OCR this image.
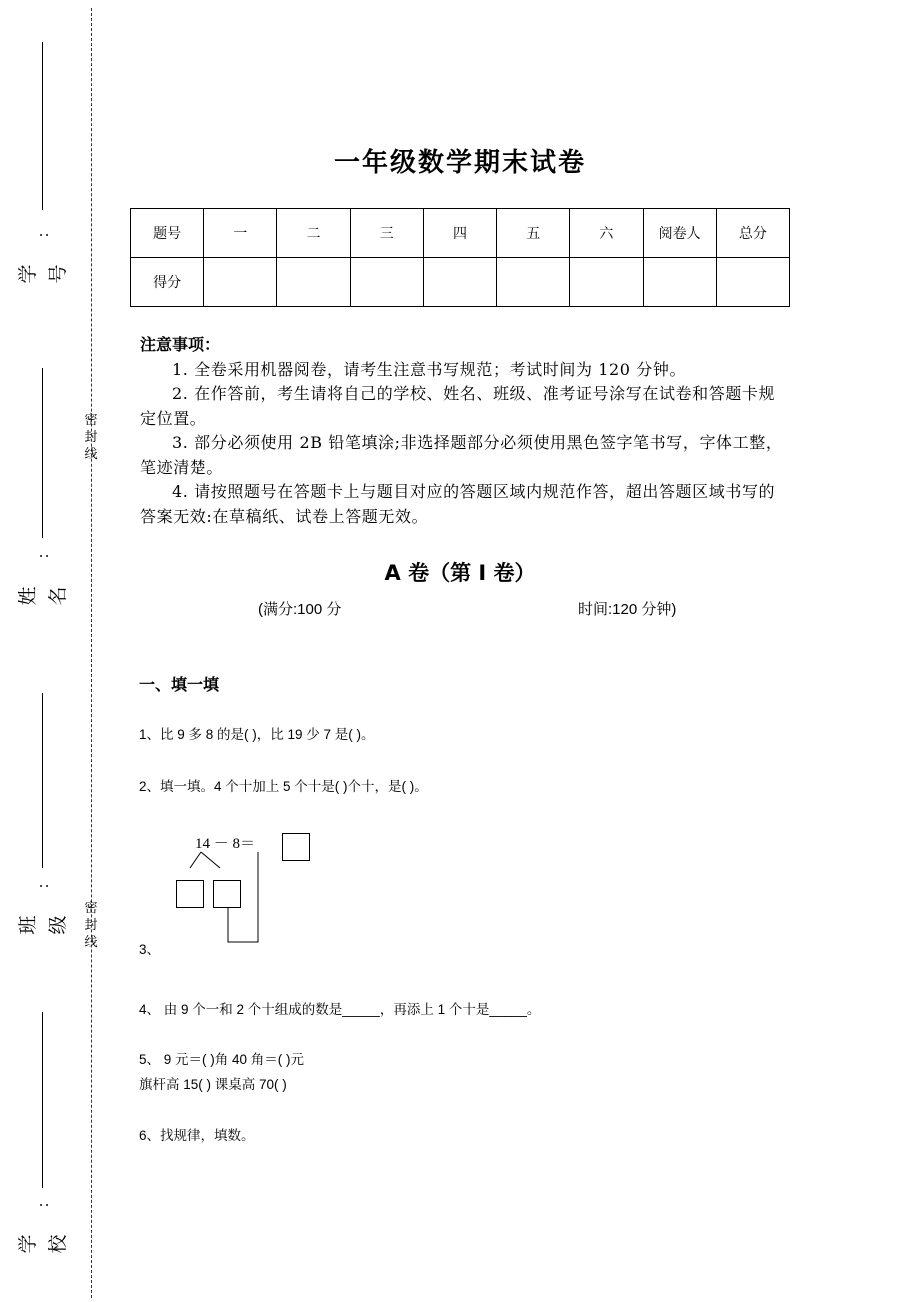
:
学号
:
姓名
:
班级
:
学校
密
封
线
密
封
线
一年级数学期末试卷
题号	一	二	三	四	五	六	阅卷人	总分
得分								
注意事项：
1. 全卷采用机器阅卷，请考生注意书写规范；考试时间为 120 分钟。
2. 在作答前，考生请将自己的学校、姓名、班级、准考证号涂写在试卷和答题卡规定位置。
3. 部分必须使用 2B 铅笔填涂;非选择题部分必须使用黑色签字笔书写，字体工整，笔迹清楚。
4. 请按照题号在答题卡上与题目对应的答题区域内规范作答，超出答题区域书写的答案无效:在草稿纸、试卷上答题无效。
A 卷（第 I 卷）
(满分:100 分	时间:120 分钟)
一、填一填
1、比 9 多 8 的是( )，比 19 少 7 是( )。
2、填一填。4 个十加上 5 个十是( )个十，是( )。
14 － 8＝
3、
4、 由 9 个一和 2 个十组成的数是_____，再添上 1 个十是_____。
5、 9 元＝( )角 40 角＝( )元
旗杆高 15( ) 课桌高 70( )
6、找规律，填数。
